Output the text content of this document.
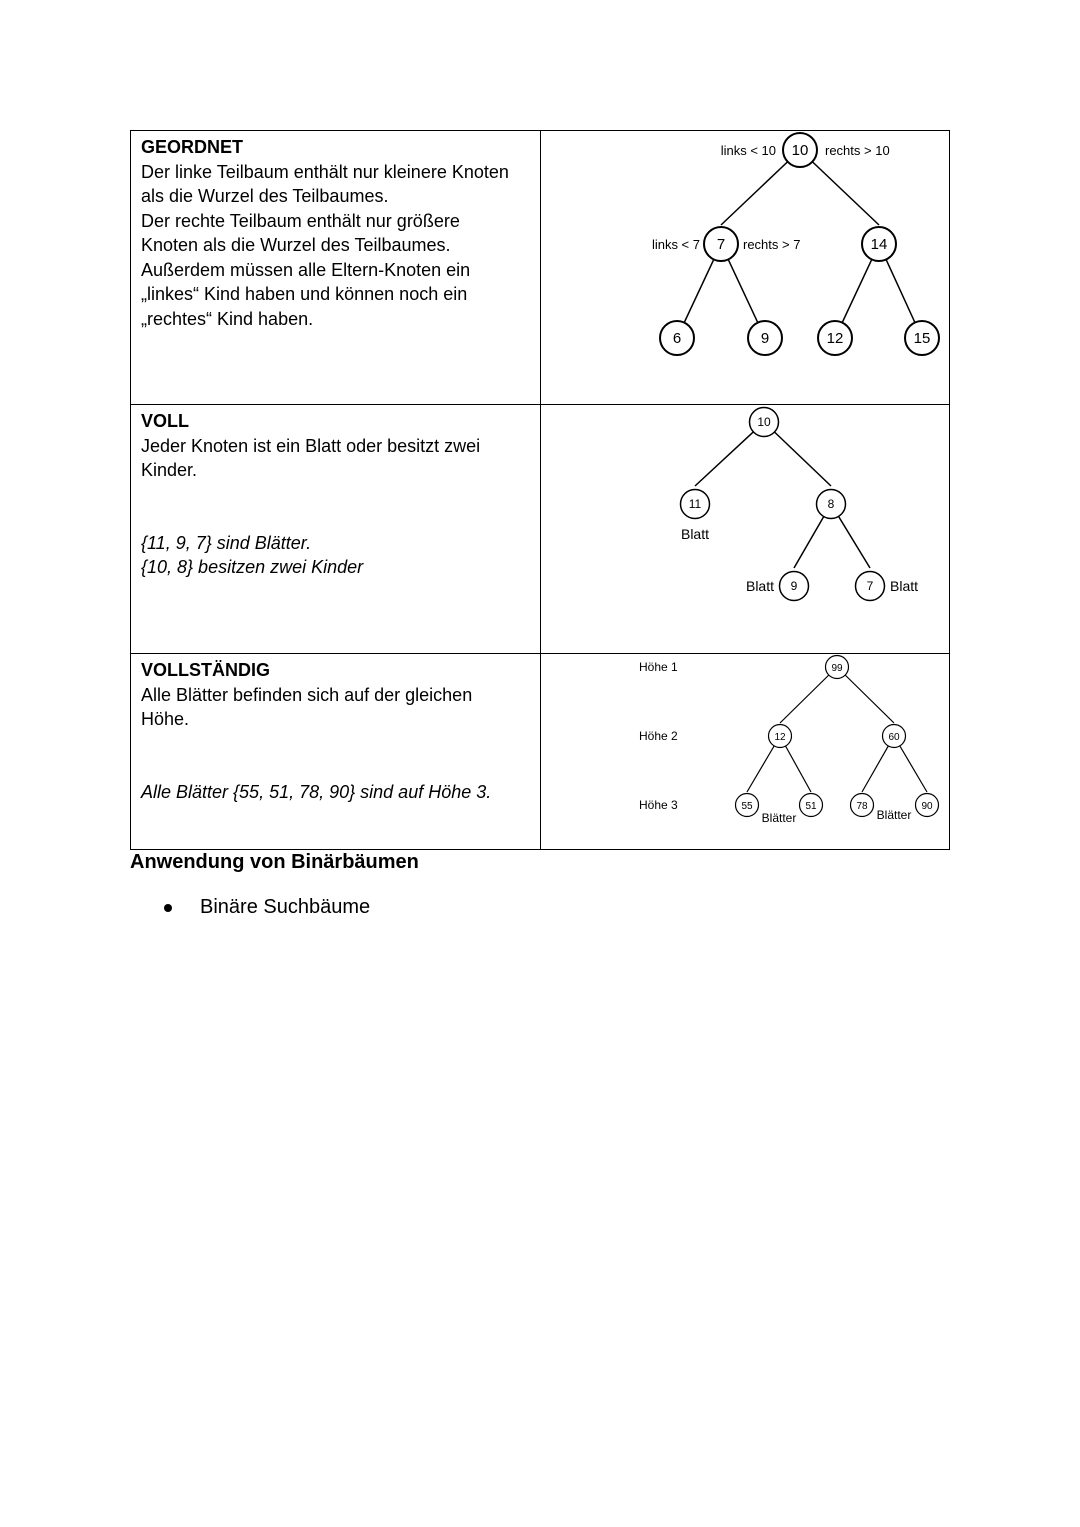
GEORDNET
Der linke Teilbaum enthält nur kleinere Knoten
als die Wurzel des Teilbaumes.
Der rechte Teilbaum enthält nur größere
Knoten als die Wurzel des Teilbaumes.
Außerdem müssen alle Eltern-Knoten ein
„linkes“ Kind haben und können noch ein
„rechtes“ Kind haben.
10
7	14
6	9	12	15
links < 10	rechts > 10
links < 7	rechts > 7
VOLL
Jeder Knoten ist ein Blatt oder besitzt zwei
Kinder.
{11, 9, 7} sind Blätter.
{10, 8} besitzen zwei Kinder
10
11	8
9	7
Blatt
Blatt	Blatt
VOLLSTÄNDIG
Alle Blätter befinden sich auf der gleichen
Höhe.
Alle Blätter {55, 51, 78, 90} sind auf Höhe 3.
99
12	60
55	51	78	90
Höhe 1
Höhe 2
Höhe 3
Blätter	Blätter
Anwendung von Binärbäumen
Binäre Suchbäume
